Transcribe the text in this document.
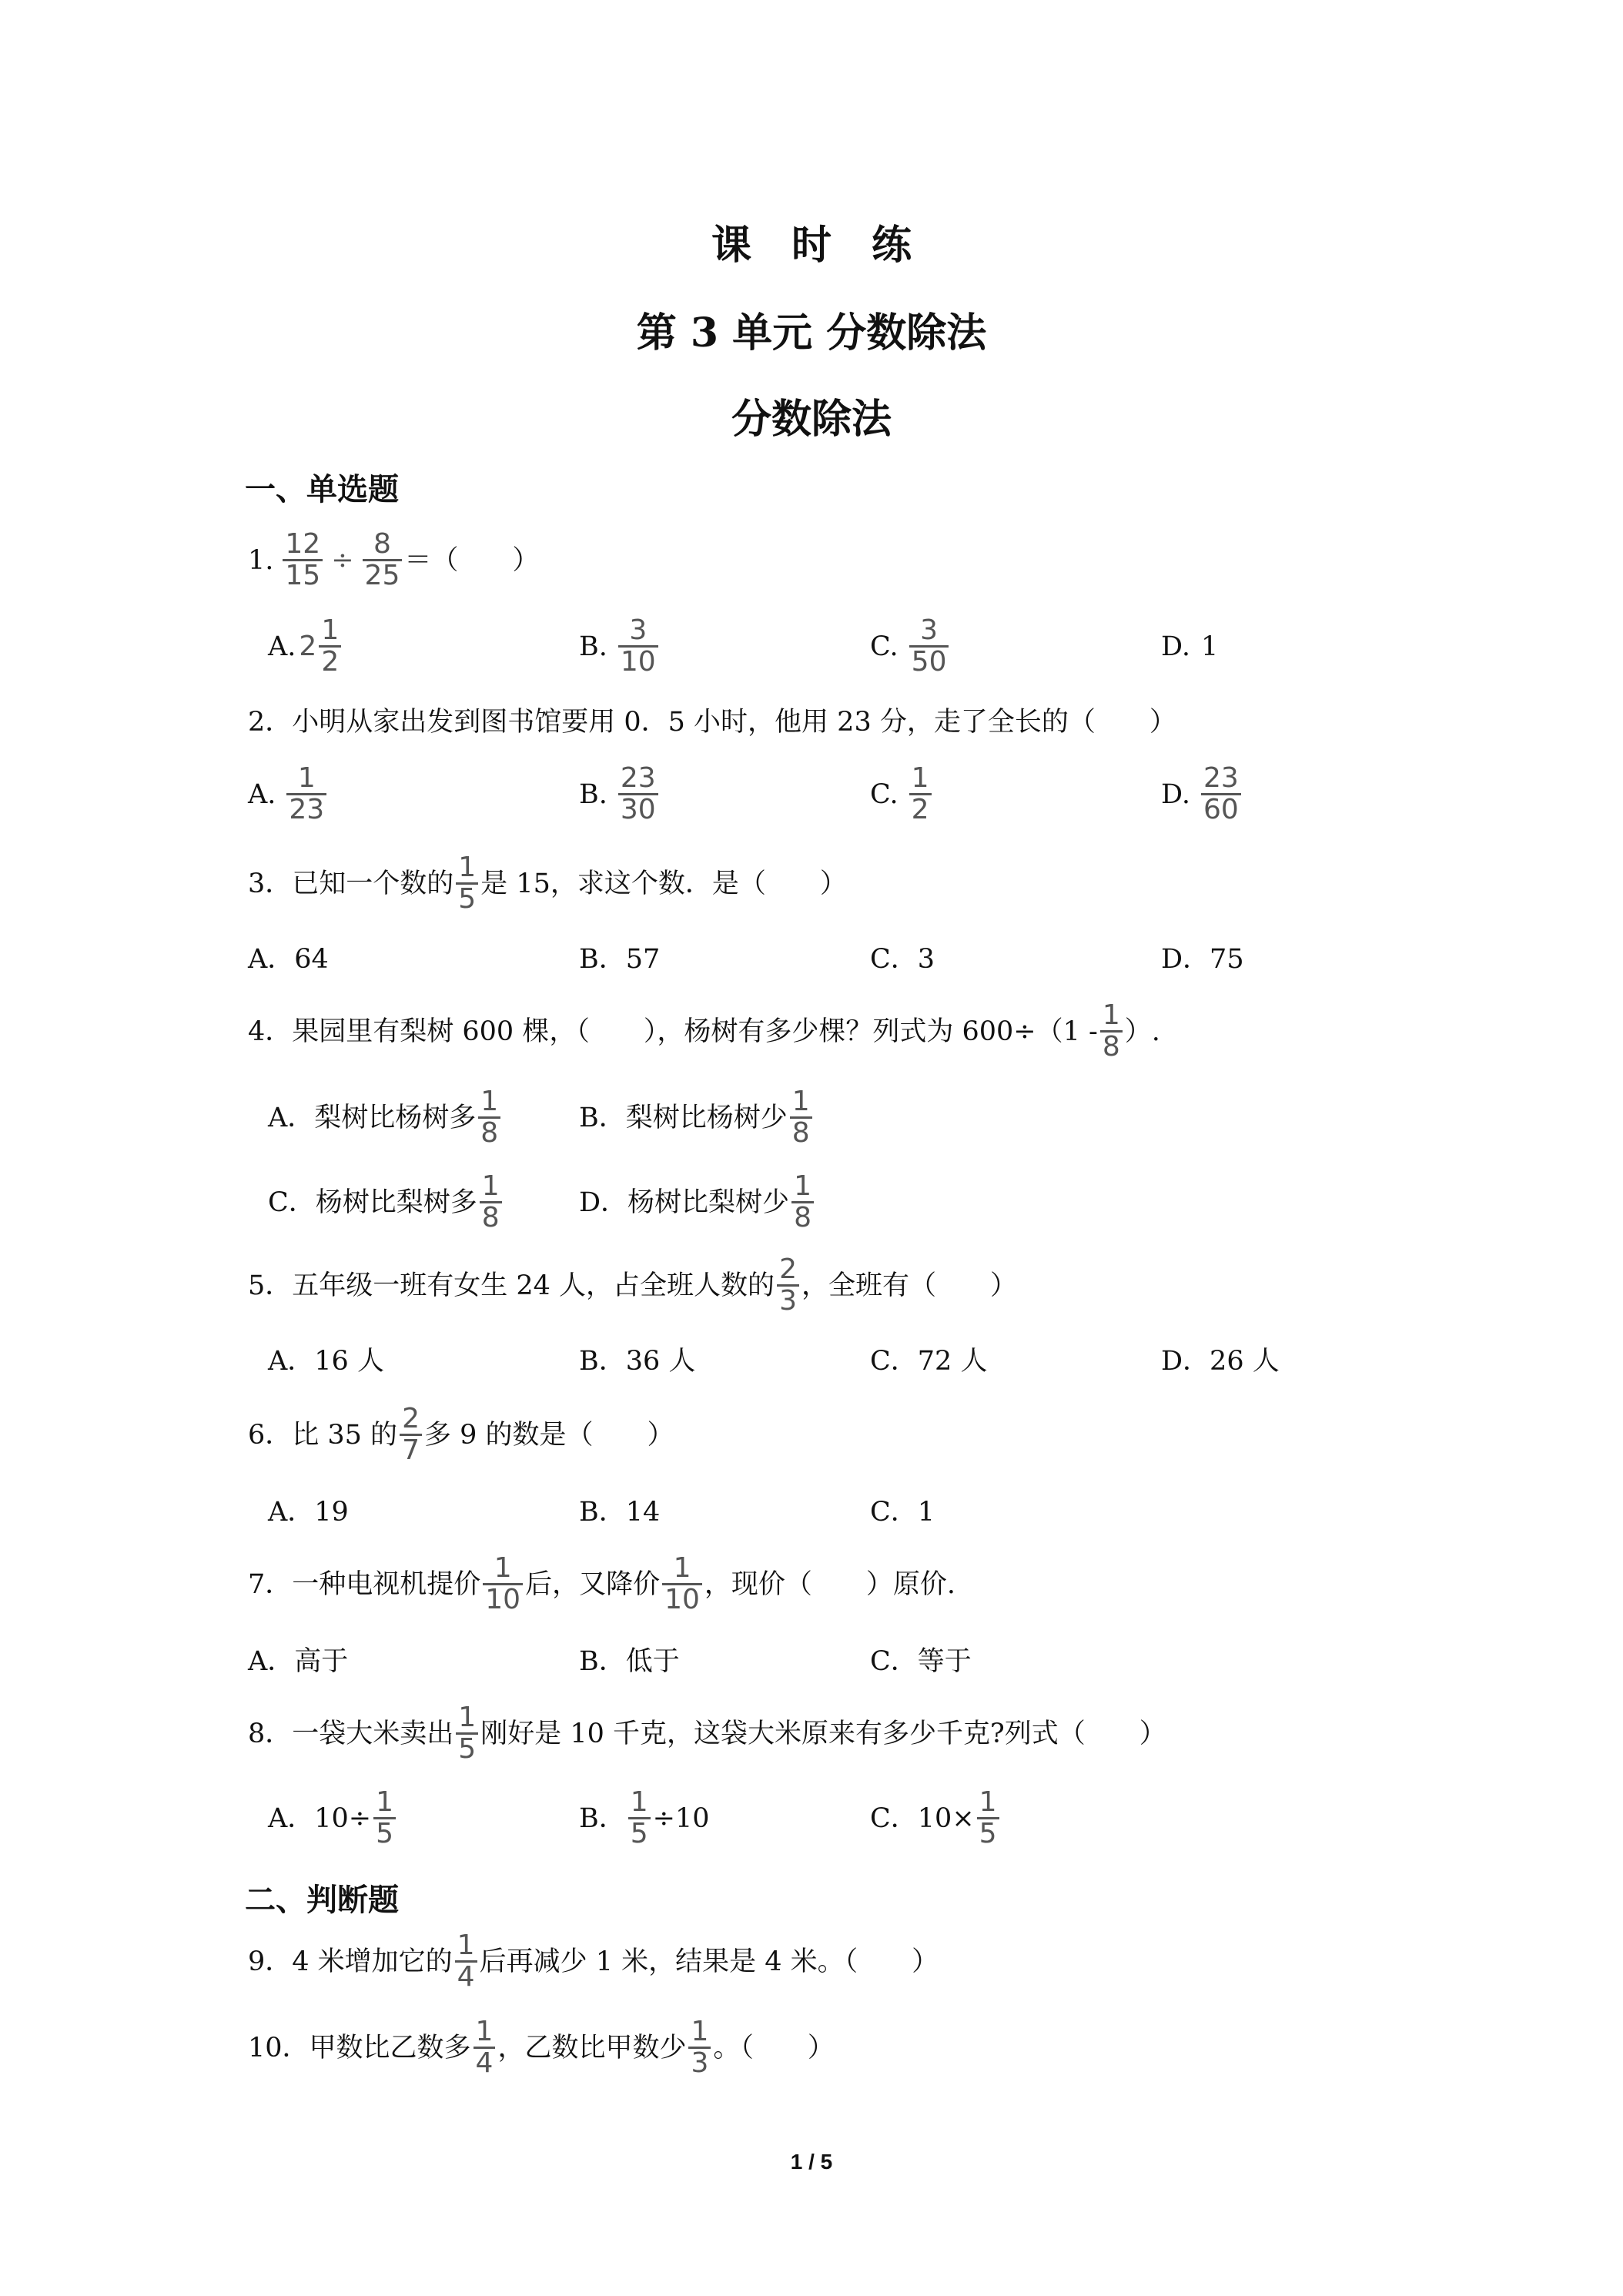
课　时　练
第 3 单元 分数除法
分数除法
一、单选题
1. $\frac{12}{15} \div \frac{8}{25}$ ＝（　　）
A. $2 \frac{1}{2}$	B. $\frac{3}{10}$	C. $\frac{3}{50}$	D. 1
2．小明从家出发到图书馆要用 0．5 小时，他用 23 分，走了全长的（　　）
A. $\frac{1}{23}$	B. $\frac{23}{30}$	C. $\frac{1}{2}$	D. $\frac{23}{60}$
3．已知一个数的 $\frac{1}{5}$ 是 15，求这个数．是（　　）
A．64	B．57	C．3	D．75
4．果园里有梨树 600 棵，（　　），杨树有多少棵？列式为 $600\div(1 - \frac{1}{8}$ ）.
A．梨树比杨树多 $\frac{1}{8}$	B．梨树比杨树少 $\frac{1}{8}$
C．杨树比梨树多 $\frac{1}{8}$	D．杨树比梨树少 $\frac{1}{8}$
5．五年级一班有女生 24 人，占全班人数的 $\frac{2}{3}$ ，全班有（　　）
A．16 人	B．36 人	C．72 人	D．26 人
6．比 35 的 $\frac{2}{7}$ 多 9 的数是（　　）
A．19	B．14	C．1
7．一种电视机提价 $\frac{1}{10}$ 后，又降价 $\frac{1}{10}$ ，现价（　　）原价.
A．高于	B．低于	C．等于
8．一袋大米卖出 $\frac{1}{5}$ 刚好是 10 千克，这袋大米原来有多少千克?列式（　　）
A．$10\div \frac{1}{5}$	B． $\frac{1}{5} \div 10$	C．$10\times \frac{1}{5}$
二、判断题
9．4 米增加它的 $\frac{1}{4}$ 后再减少 1 米，结果是 4 米。（　　）
10．甲数比乙数多 $\frac{1}{4}$ ，乙数比甲数少 $\frac{1}{3}$ 。（　　）
1 / 5
